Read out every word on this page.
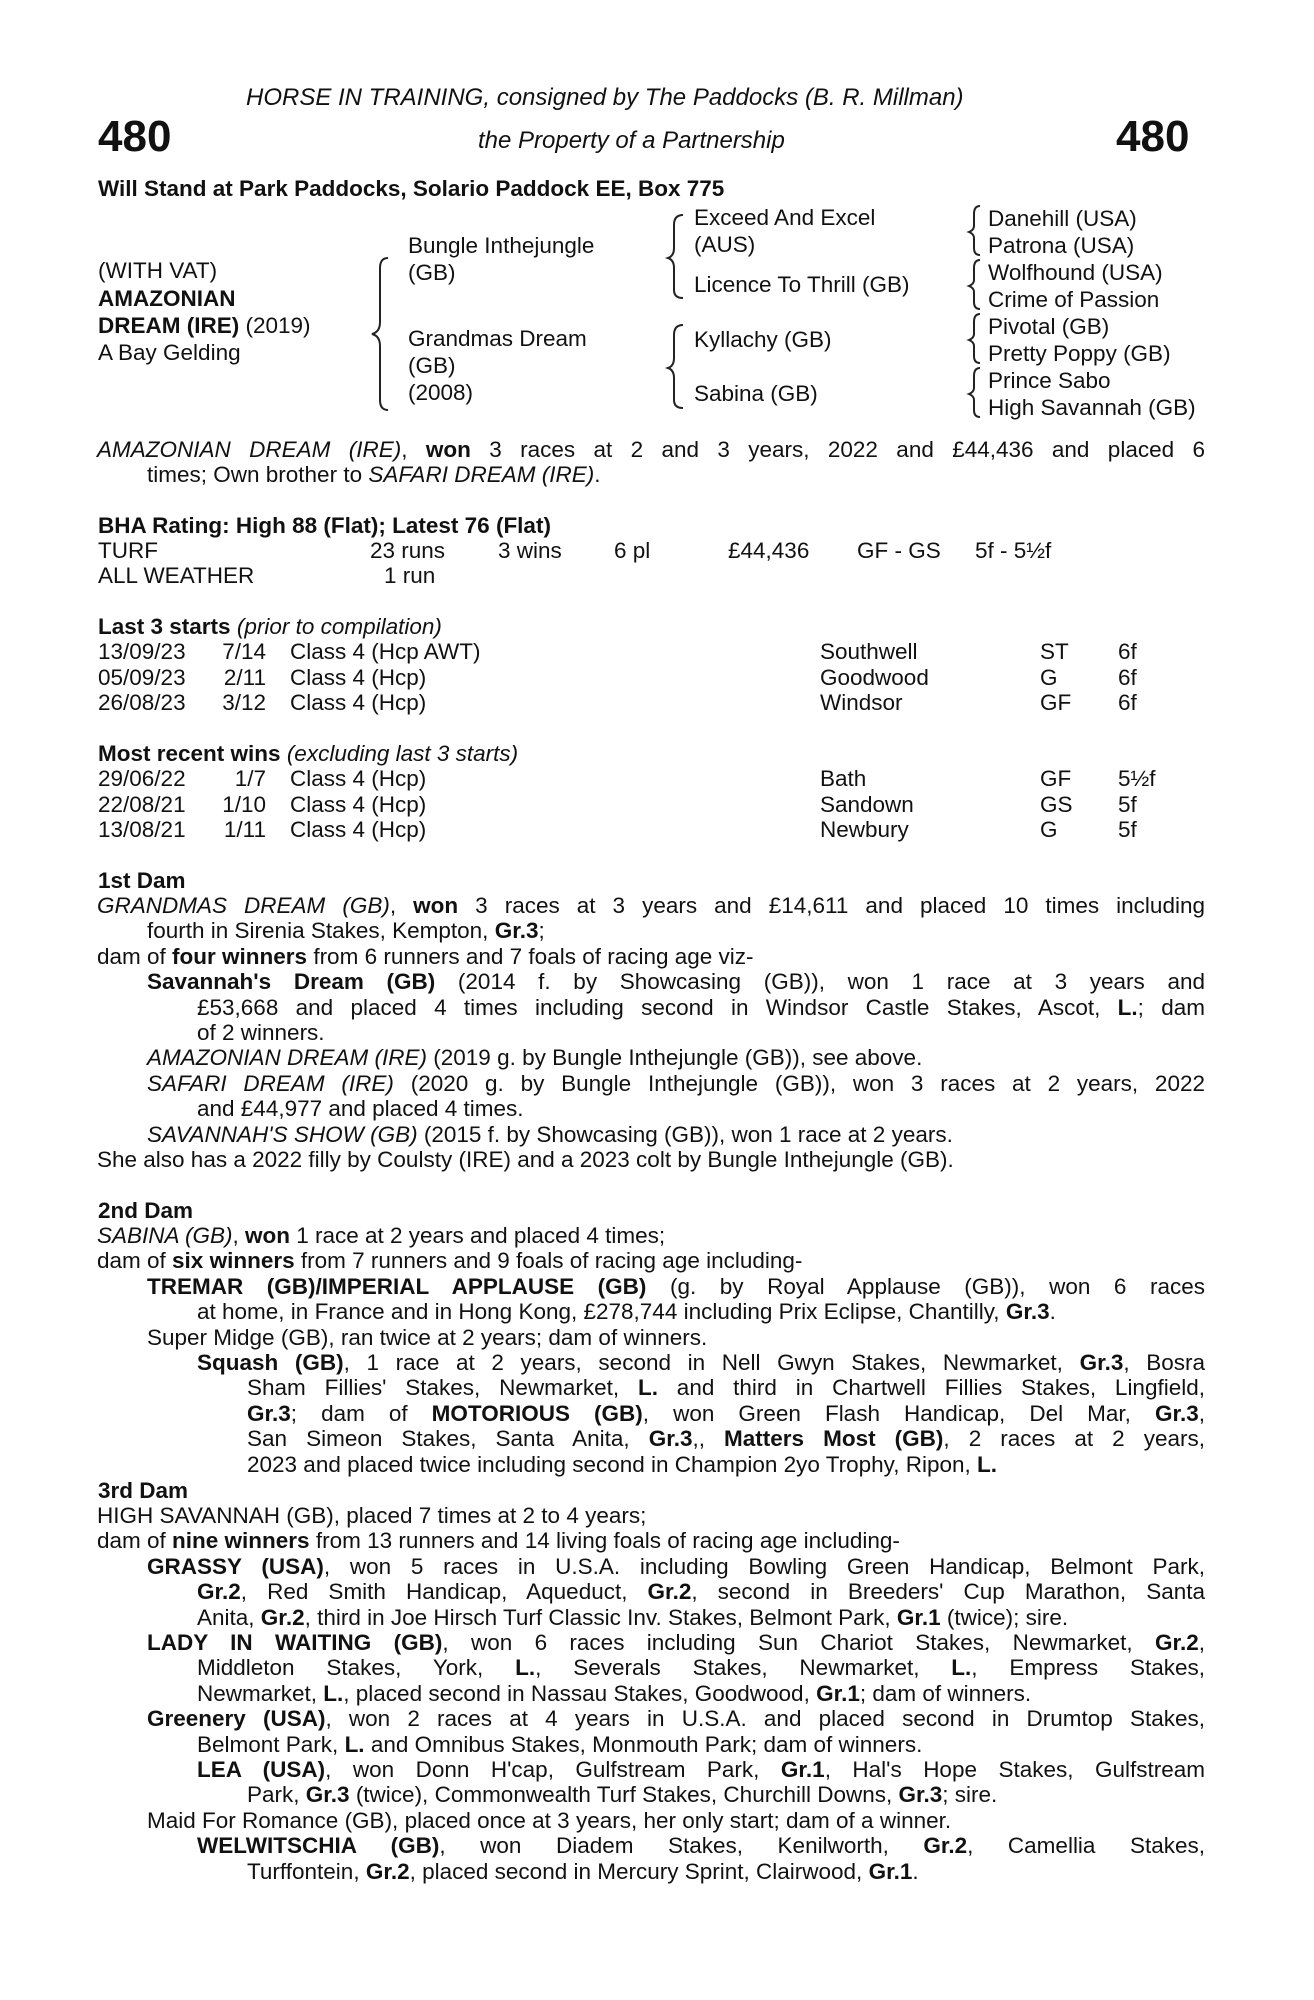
HORSE IN TRAINING, consigned by The Paddocks (B. R. Millman)
480	the Property of a Partnership	480
Will Stand at Park Paddocks, Solario Paddock EE, Box 775
(WITH VAT)
AMAZONIAN
DREAM (IRE) (2019)
A Bay Gelding
Bungle Inthejungle
(GB)
Grandmas Dream
(GB)
(2008)
Exceed And Excel
(AUS)
Licence To Thrill (GB)
Kyllachy (GB)
Sabina (GB)
Danehill (USA)
Patrona (USA)
Wolfhound (USA)
Crime of Passion
Pivotal (GB)
Pretty Poppy (GB)
Prince Sabo
High Savannah (GB)
AMAZONIAN DREAM (IRE), won 3 races at 2 and 3 years, 2022 and £44,436 and placed 6
times; Own brother to SAFARI DREAM (IRE).
BHA Rating: High 88 (Flat); Latest 76 (Flat)
TURF	23 runs 3 wins 6 pl	£44,436 GF - GS 5f - 5½f
ALL WEATHER	1 run
Last 3 starts (prior to compilation)
13/09/23	7/14 Class 4 (Hcp AWT)	Southwell	ST 6f
05/09/23	2/11 Class 4 (Hcp)	Goodwood	G	6f
26/08/23	3/12 Class 4 (Hcp)	Windsor	GF 6f
Most recent wins (excluding last 3 starts)
29/06/22	1/7 Class 4 (Hcp)	Bath	GF 5½f
22/08/21	1/10 Class 4 (Hcp)	Sandown	GS 5f
13/08/21	1/11 Class 4 (Hcp)	Newbury	G	5f
1st Dam
GRANDMAS DREAM (GB), won 3 races at 3 years and £14,611 and placed 10 times including
fourth in Sirenia Stakes, Kempton, Gr.3;
dam of four winners from 6 runners and 7 foals of racing age viz-
Savannah's Dream (GB) (2014 f. by Showcasing (GB)), won 1 race at 3 years and
£53,668 and placed 4 times including second in Windsor Castle Stakes, Ascot, L.; dam
of 2 winners.
AMAZONIAN DREAM (IRE) (2019 g. by Bungle Inthejungle (GB)), see above.
SAFARI DREAM (IRE) (2020 g. by Bungle Inthejungle (GB)), won 3 races at 2 years, 2022
and £44,977 and placed 4 times.
SAVANNAH'S SHOW (GB) (2015 f. by Showcasing (GB)), won 1 race at 2 years.
She also has a 2022 filly by Coulsty (IRE) and a 2023 colt by Bungle Inthejungle (GB).
2nd Dam
SABINA (GB), won 1 race at 2 years and placed 4 times;
dam of six winners from 7 runners and 9 foals of racing age including-
TREMAR (GB)/IMPERIAL APPLAUSE (GB) (g. by Royal Applause (GB)), won 6 races
at home, in France and in Hong Kong, £278,744 including Prix Eclipse, Chantilly, Gr.3.
Super Midge (GB), ran twice at 2 years; dam of winners.
Squash (GB), 1 race at 2 years, second in Nell Gwyn Stakes, Newmarket, Gr.3, Bosra
Sham Fillies' Stakes, Newmarket, L. and third in Chartwell Fillies Stakes, Lingfield,
Gr.3; dam of MOTORIOUS (GB), won Green Flash Handicap, Del Mar, Gr.3,
San Simeon Stakes, Santa Anita, Gr.3,, Matters Most (GB), 2 races at 2 years,
2023 and placed twice including second in Champion 2yo Trophy, Ripon, L.
3rd Dam
HIGH SAVANNAH (GB), placed 7 times at 2 to 4 years;
dam of nine winners from 13 runners and 14 living foals of racing age including-
GRASSY (USA), won 5 races in U.S.A. including Bowling Green Handicap, Belmont Park,
Gr.2, Red Smith Handicap, Aqueduct, Gr.2, second in Breeders' Cup Marathon, Santa
Anita, Gr.2, third in Joe Hirsch Turf Classic Inv. Stakes, Belmont Park, Gr.1 (twice); sire.
LADY IN WAITING (GB), won 6 races including Sun Chariot Stakes, Newmarket, Gr.2,
Middleton Stakes, York, L., Severals Stakes, Newmarket, L., Empress Stakes,
Newmarket, L., placed second in Nassau Stakes, Goodwood, Gr.1; dam of winners.
Greenery (USA), won 2 races at 4 years in U.S.A. and placed second in Drumtop Stakes,
Belmont Park, L. and Omnibus Stakes, Monmouth Park; dam of winners.
LEA (USA), won Donn H'cap, Gulfstream Park, Gr.1, Hal's Hope Stakes, Gulfstream
Park, Gr.3 (twice), Commonwealth Turf Stakes, Churchill Downs, Gr.3; sire.
Maid For Romance (GB), placed once at 3 years, her only start; dam of a winner.
WELWITSCHIA (GB), won Diadem Stakes, Kenilworth, Gr.2, Camellia Stakes,
Turffontein, Gr.2, placed second in Mercury Sprint, Clairwood, Gr.1.
